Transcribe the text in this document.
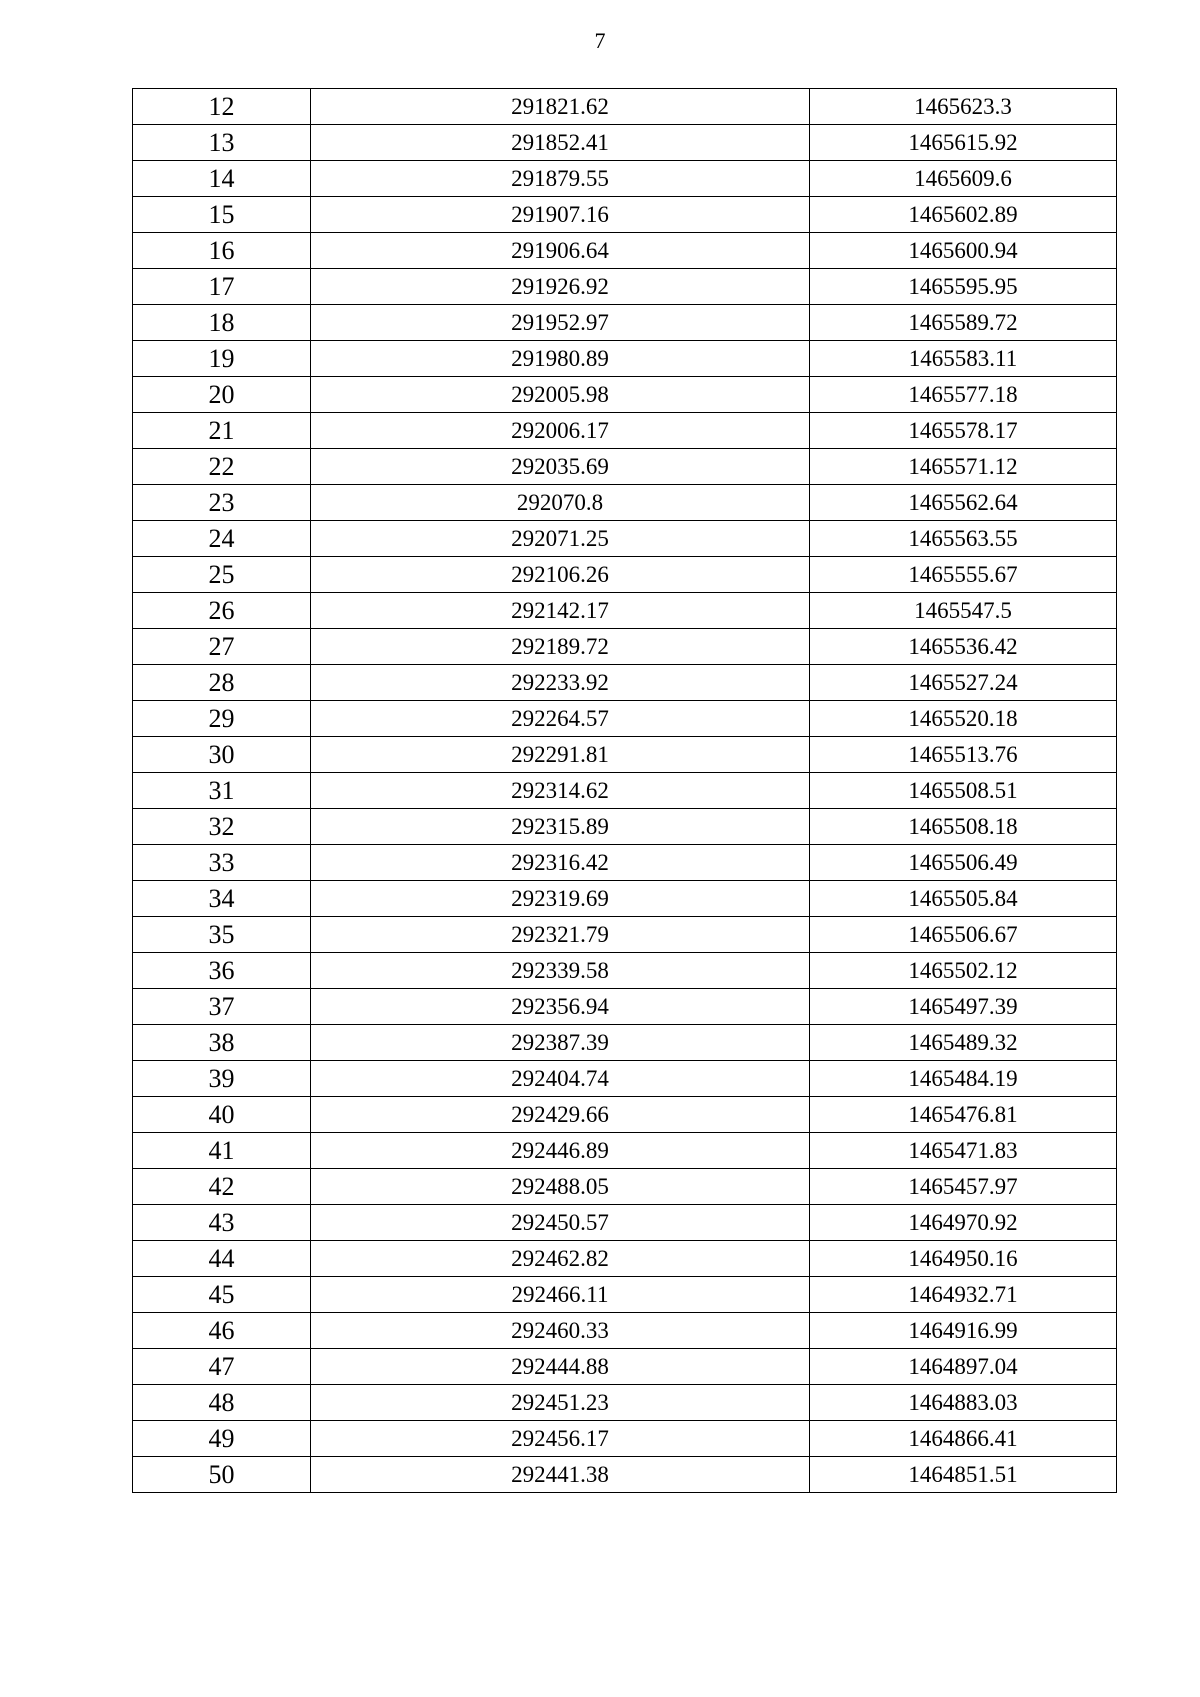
7
12	291821.62	1465623.3
13	291852.41	1465615.92
14	291879.55	1465609.6
15	291907.16	1465602.89
16	291906.64	1465600.94
17	291926.92	1465595.95
18	291952.97	1465589.72
19	291980.89	1465583.11
20	292005.98	1465577.18
21	292006.17	1465578.17
22	292035.69	1465571.12
23	292070.8	1465562.64
24	292071.25	1465563.55
25	292106.26	1465555.67
26	292142.17	1465547.5
27	292189.72	1465536.42
28	292233.92	1465527.24
29	292264.57	1465520.18
30	292291.81	1465513.76
31	292314.62	1465508.51
32	292315.89	1465508.18
33	292316.42	1465506.49
34	292319.69	1465505.84
35	292321.79	1465506.67
36	292339.58	1465502.12
37	292356.94	1465497.39
38	292387.39	1465489.32
39	292404.74	1465484.19
40	292429.66	1465476.81
41	292446.89	1465471.83
42	292488.05	1465457.97
43	292450.57	1464970.92
44	292462.82	1464950.16
45	292466.11	1464932.71
46	292460.33	1464916.99
47	292444.88	1464897.04
48	292451.23	1464883.03
49	292456.17	1464866.41
50	292441.38	1464851.51
